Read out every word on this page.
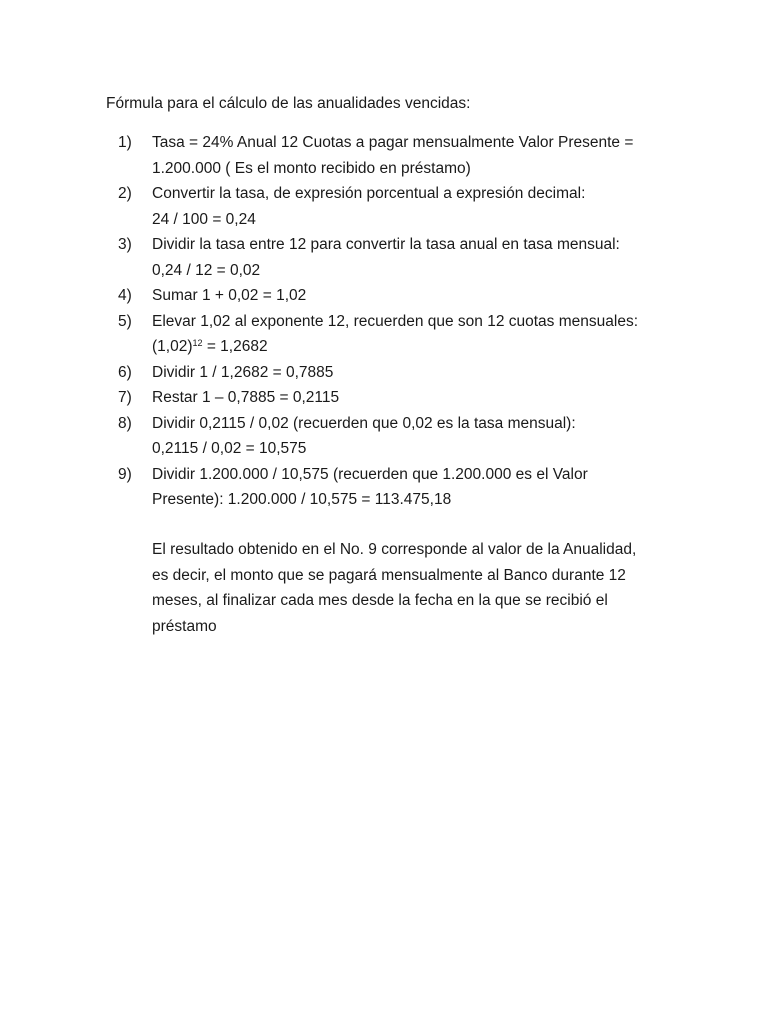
Fórmula para el cálculo de las anualidades vencidas:
1) Tasa = 24% Anual 12 Cuotas a pagar mensualmente Valor Presente =
1.200.000 ( Es el monto recibido en préstamo)
2) Convertir la tasa, de expresión porcentual a expresión decimal:
24 / 100 = 0,24
3) Dividir la tasa entre 12 para convertir la tasa anual en tasa mensual:
0,24 / 12 = 0,02
4) Sumar 1 + 0,02 = 1,02
5) Elevar 1,02 al exponente 12, recuerden que son 12 cuotas mensuales:
$(1,02)^{12} = 1,2682$
6) Dividir 1 / 1,2682 = 0,7885
7) Restar 1 – 0,7885 = 0,2115
8) Dividir 0,2115 / 0,02 (recuerden que 0,02 es la tasa mensual):
0,2115 / 0,02 = 10,575
9) Dividir 1.200.000 / 10,575 (recuerden que 1.200.000 es el Valor
Presente): 1.200.000 / 10,575 = 113.475,18
El resultado obtenido en el No. 9 corresponde al valor de la Anualidad,
es decir, el monto que se pagará mensualmente al Banco durante 12
meses, al finalizar cada mes desde la fecha en la que se recibió el
préstamo
